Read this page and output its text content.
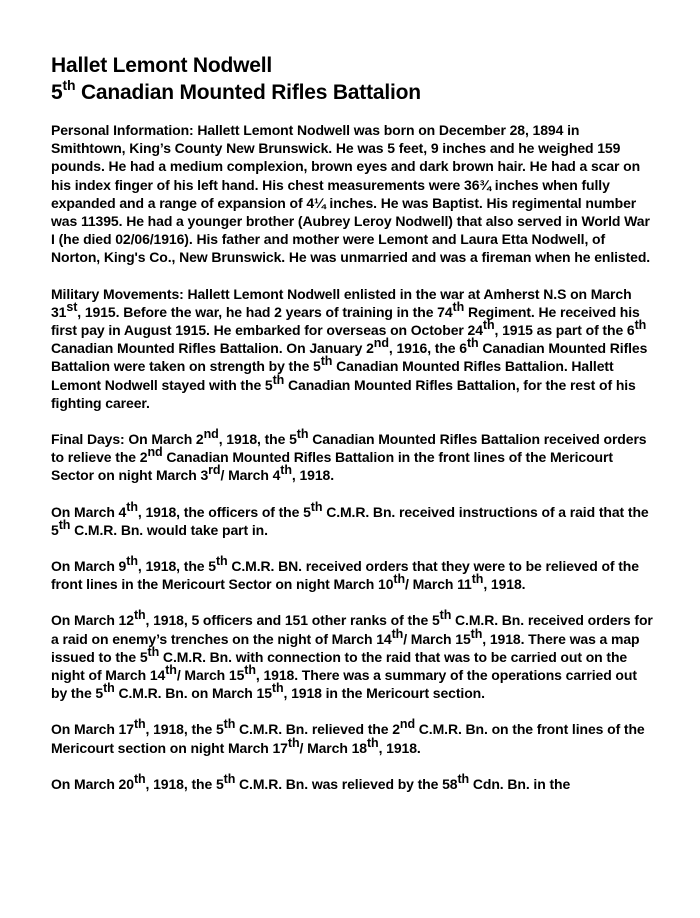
Hallet Lemont Nodwell
5th Canadian Mounted Rifles Battalion

Personal Information: Hallett Lemont Nodwell was born on December 28, 1894 in Smithtown, King’s County New Brunswick. He was 5 feet, 9 inches and he weighed 159 pounds. He had a medium complexion, brown eyes and dark brown hair. He had a scar on his index finger of his left hand. His chest measurements were 36¾ inches when fully expanded and a range of expansion of 4¼ inches. He was Baptist. His regimental number was 11395. He had a younger brother (Aubrey Leroy Nodwell) that also served in World War I (he died 02/06/1916). His father and mother were Lemont and Laura Etta Nodwell, of Norton, King's Co., New Brunswick. He was unmarried and was a fireman when he enlisted.

Military Movements: Hallett Lemont Nodwell enlisted in the war at Amherst N.S on March 31st, 1915. Before the war, he had 2 years of training in the 74th Regiment. He received his first pay in August 1915. He embarked for overseas on October 24th, 1915 as part of the 6th Canadian Mounted Rifles Battalion. On January 2nd, 1916, the 6th Canadian Mounted Rifles Battalion were taken on strength by the 5th Canadian Mounted Rifles Battalion. Hallett Lemont Nodwell stayed with the 5th Canadian Mounted Rifles Battalion, for the rest of his fighting career.

Final Days: On March 2nd, 1918, the 5th Canadian Mounted Rifles Battalion received orders to relieve the 2nd Canadian Mounted Rifles Battalion in the front lines of the Mericourt Sector on night March 3rd/ March 4th, 1918.

On March 4th, 1918, the officers of the 5th C.M.R. Bn. received instructions of a raid that the 5th C.M.R. Bn. would take part in.

On March 9th, 1918, the 5th C.M.R. BN. received orders that they were to be relieved of the front lines in the Mericourt Sector on night March 10th/ March 11th, 1918.

On March 12th, 1918, 5 officers and 151 other ranks of the 5th C.M.R. Bn. received orders for a raid on enemy’s trenches on the night of March 14th/ March 15th, 1918. There was a map issued to the 5th C.M.R. Bn. with connection to the raid that was to be carried out on the night of March 14th/ March 15th, 1918. There was a summary of the operations carried out by the 5th C.M.R. Bn. on March 15th, 1918 in the Mericourt section.

On March 17th, 1918, the 5th C.M.R. Bn. relieved the 2nd C.M.R. Bn. on the front lines of the Mericourt section on night March 17th/ March 18th, 1918.

On March 20th, 1918, the 5th C.M.R. Bn. was relieved by the 58th Cdn. Bn. in the
